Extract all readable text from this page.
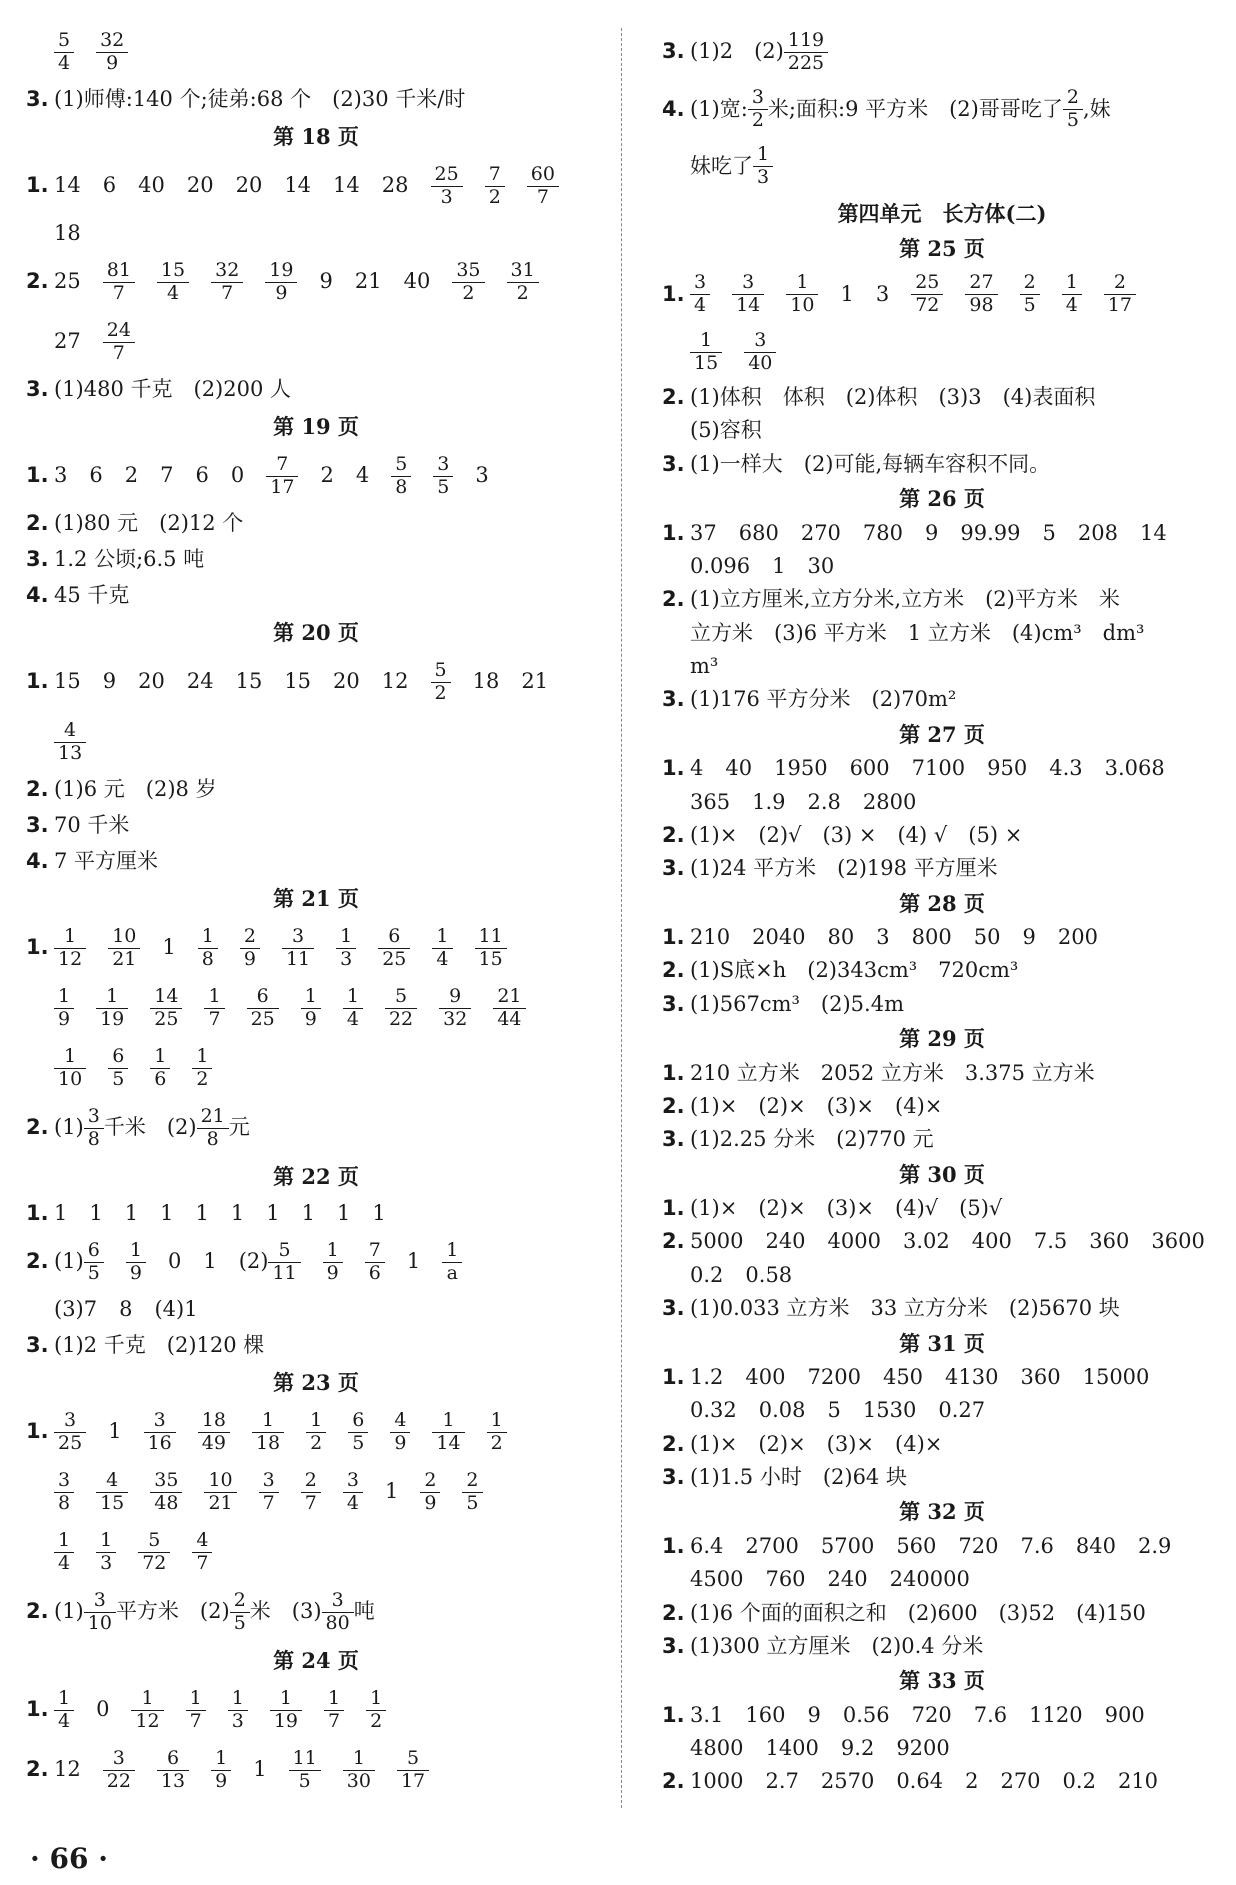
$\frac{5}{4} \frac{32}{9}$
3. (1)师傅:140 个;徒弟:68 个　(2)30 千米/时
第 18 页
1. 14 6 40 20 20 14 14 $28 \frac{25}{3} \frac{7}{2} \frac{60}{7}$
18
2. $25 \frac{81}{7} \frac{15}{4} \frac{32}{7} \frac{19}{9} 9$ 21 $40 \frac{35}{2} \frac{31}{2}$
$27 \frac{24}{7}$
3. (1)480 千克　(2)200 人
第 19 页
1. 3 6 2 7 6 $0 \frac{7}{17} 2$ $4 \frac{5}{8} \frac{3}{5} 3$
2. (1)80 元　(2)12 个
3. 1.2 公顷;6.5 吨
4. 45 千克
第 20 页
1. 15 9 20 24 15 15 20 $12 \frac{5}{2} 18$ 21
$\frac{4}{13}$
2. (1)6 元　(2)8 岁
3. 70 千米
4. 7 平方厘米
第 21 页
1. $\frac{1}{12} \frac{10}{21} 1 \frac{1}{8} \frac{2}{9} \frac{3}{11} \frac{1}{3} \frac{6}{25} \frac{1}{4} \frac{11}{15}$
$\frac{1}{9} \frac{1}{19} \frac{14}{25} \frac{1}{7} \frac{6}{25} \frac{1}{9} \frac{1}{4} \frac{5}{22} \frac{9}{32} \frac{21}{44}$
$\frac{1}{10} \frac{6}{5} \frac{1}{6} \frac{1}{2}$
2. $(1) \frac{3}{8}$ 千米　$(2) \frac{21}{8}$ 元
第 22 页
1. 1 1 1 1 1 1 1 1 1 1
2. $(1) \frac{6}{5} \frac{1}{9} 0$ 1 $(2) \frac{5}{11} \frac{1}{9} \frac{7}{6} 1 \frac{1}{a}$
(3)7 8 (4)1
3. (1)2 千克　(2)120 棵
第 23 页
1. $\frac{3}{25} 1 \frac{3}{16} \frac{18}{49} \frac{1}{18} \frac{1}{2} \frac{6}{5} \frac{4}{9} \frac{1}{14} \frac{1}{2}$
$\frac{3}{8} \frac{4}{15} \frac{35}{48} \frac{10}{21} \frac{3}{7} \frac{2}{7} \frac{3}{4} 1 \frac{2}{9} \frac{2}{5}$
$\frac{1}{4} \frac{1}{3} \frac{5}{72} \frac{4}{7}$
2. $(1) \frac{3}{10}$ 平方米　$(2) \frac{2}{5}$ 米　$(3) \frac{3}{80}$ 吨
第 24 页
1. $\frac{1}{4} 0 \frac{1}{12} \frac{1}{7} \frac{1}{3} \frac{1}{19} \frac{1}{7} \frac{1}{2}$
2. $12 \frac{3}{22} \frac{6}{13} \frac{1}{9} 1 \frac{11}{5} \frac{1}{30} \frac{5}{17}$
3. (1)2　$(2) \frac{119}{225}$
4. (1)宽: $\frac{3}{2}$ 米;面积:9 平方米　(2)哥哥吃了 $\frac{2}{5}$ ,妹
妹吃了 $\frac{1}{3}$
第四单元　长方体(二)
第 25 页
1. $\frac{3}{4} \frac{3}{14} \frac{1}{10} 1$ $3 \frac{25}{72} \frac{27}{98} \frac{2}{5} \frac{1}{4} \frac{2}{17}$
$\frac{1}{15} \frac{3}{40}$
2. (1)体积　体积　(2)体积　(3)3　(4)表面积
(5)容积
3. (1)一样大　(2)可能,每辆车容积不同。
第 26 页
1. 37 680 270 780 9 99.99 5 208 14
0.096 1 30
2. (1)立方厘米,立方分米,立方米　(2)平方米　米
立方米　(3)6 平方米　1 立方米　(4)cm³　dm³
m³
3. (1)176 平方分米　(2)70m²
第 27 页
1. 4 40 1950 600 7100 950 4.3 3.068
365 1.9 2.8 2800
2. (1)×　(2)√　(3) ×　(4) √　(5) ×
3. (1)24 平方米　(2)198 平方厘米
第 28 页
1. 210 2040 80 3 800 50 9 200
2. (1)S底×h　(2)343cm³　720cm³
3. (1)567cm³　(2)5.4m
第 29 页
1. 210 立方米　2052 立方米　3.375 立方米
2. (1)×　(2)×　(3)×　(4)×
3. (1)2.25 分米　(2)770 元
第 30 页
1. (1)×　(2)×　(3)×　(4)√　(5)√
2. 5000 240 4000 3.02 400 7.5 360 3600
0.2 0.58
3. (1)0.033 立方米　33 立方分米　(2)5670 块
第 31 页
1. 1.2 400 7200 450 4130 360 15000
0.32 0.08 5 1530 0.27
2. (1)×　(2)×　(3)×　(4)×
3. (1)1.5 小时　(2)64 块
第 32 页
1. 6.4 2700 5700 560 720 7.6 840 2.9
4500 760 240 240000
2. (1)6 个面的面积之和　(2)600　(3)52　(4)150
3. (1)300 立方厘米　(2)0.4 分米
第 33 页
1. 3.1 160 9 0.56 720 7.6 1120 900
4800 1400 9.2 9200
2. 1000 2.7 2570 0.64 2 270 0.2 210
· 66 ·
